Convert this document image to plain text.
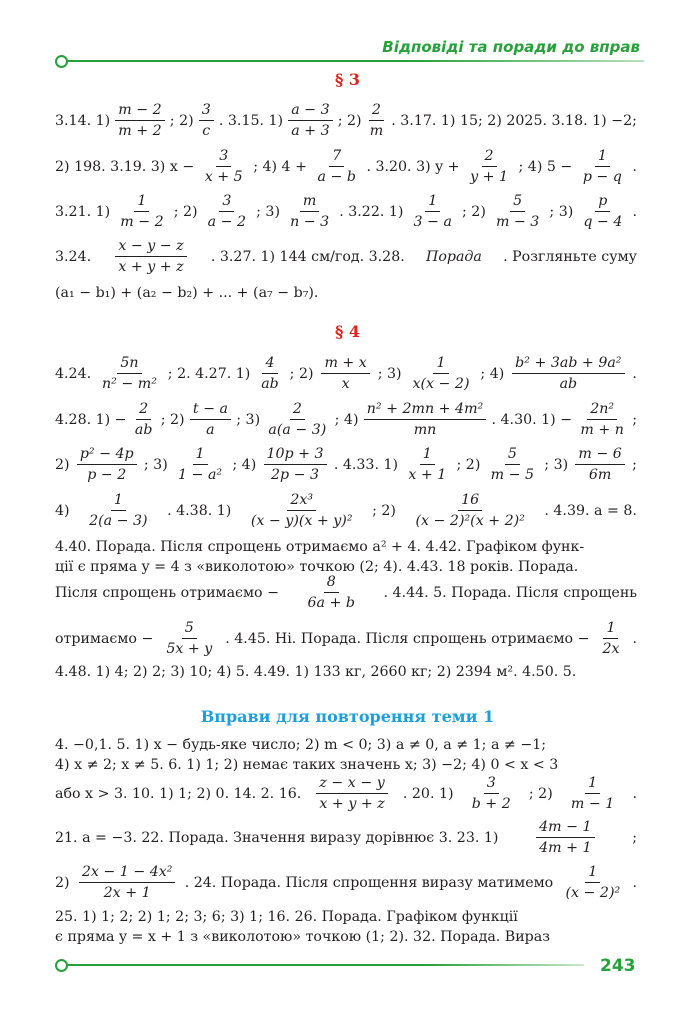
Відповіді та поради до вправ
§ 3
3.14. $1) \frac{m - 2}{m + 2}$ ; $2) \frac{3}{c}$ . 3.15. $1) \frac{a - 3}{a + 3}$ ; $2) \frac{2}{m}$ . 3.17. 1) 15; 2) 2025. 3.18. 1) −2;
2) 198. 3.19. 3) $x - \frac{3}{x + 5}$ ; 4) $4 + \frac{7}{a - b}$ . 3.20. 3) $y + \frac{2}{y + 1}$ ; 4) $5 - \frac{1}{p - q}$ .
3.21. $1) \frac{1}{m - 2}$ ; $2) \frac{3}{a - 2}$ ; $3) \frac{m}{n - 3}$ . 3.22. $1) \frac{1}{3 - a}$ ; $2) \frac{5}{m - 3}$ ; $3) \frac{p}{q - 4}$ .
3.24. $\frac{x - y - z}{x + y + z}$ . 3.27. 1) 144 см/год. 3.28. Порада . Розгляньте суму
(a₁ − b₁) + (a₂ − b₂) + ... + (a₇ − b₇).
§ 4
4.24. $\frac{5n}{\text{n² − m²}}$ ; 2. 4.27. $1) \frac{4}{ab}$ ; $2) \frac{m + x}{x}$ ; $3) \frac{1}{x(x - 2)}$ ; $4) \frac{\text{b² + 3ab + 9a²}}{ab}$ .
4.28. $1) - \frac{2}{ab}$ ; $2) \frac{t - a}{a}$ ; $3) \frac{2}{a(a - 3)}$ ; $4) \frac{\text{n² + 2mn + 4m²}}{mn}$ . 4.30. $1) - \frac{\text{2n²}}{m + n}$ ;
$2) \frac{\text{p² − 4p}}{p - 2}$ ; $3) \frac{1}{\text{1 − a²}}$ ; $4) \frac{10p + 3}{2p - 3}$ . 4.33. $1) \frac{1}{x + 1}$ ; $2) \frac{5}{m - 5}$ ; $3) \frac{m - 6}{6m}$ ;
$4) \frac{1}{2(a - 3)}$ . 4.38. $1) \frac{\text{2x³}}{\text{(x − y)(x + y)²}}$ ; $2) \frac{16}{\text{(x − 2)²(x + 2)²}}$ . 4.39. a = 8.
4.40. Порада. Після спрощень отримаємо a² + 4. 4.42. Графіком функ-
ції є пряма y = 4 з «виколотою» точкою (2; 4). 4.43. 18 років. Порада.
Після спрощень отримаємо − $\frac{8}{6a + b}$ . 4.44. 5. Порада. Після спрощень
отримаємо − $\frac{5}{5x + y}$ . 4.45. Ні. Порада. Після спрощень отримаємо − $\frac{1}{2x}$ .
4.48. 1) 4; 2) 2; 3) 10; 4) 5. 4.49. 1) 133 кг, 2660 кг; 2) 2394 м². 4.50. 5.
Вправи для повторення теми 1
4. −0,1. 5. 1) x − будь-яке число; 2) m < 0; 3) a ≠ 0, a ≠ 1; a ≠ −1;
4) x ≠ 2; x ≠ 5. 6. 1) 1; 2) немає таких значень x; 3) −2; 4) 0 < x < 3
або x > 3. 10. 1) 1; 2) 0. 14. 2. 16. $\frac{z - x - y}{x + y + z}$ . 20. $1) \frac{3}{b + 2}$ ; $2) \frac{1}{m - 1}$ .
21. a = −3. 22. Порада. Значення виразу дорівнює 3. 23. 1)	$\frac{4m - 1}{4m + 1}$	;
$2) \frac{\text{2x − 1 − 4x²}}{2x + 1}$ . 24. Порада. Після спрощення виразу матимемо $\frac{1}{\text{(x − 2)²}}$ .
25. 1) 1; 2; 2) 1; 2; 3; 6; 3) 1; 16. 26. Порада. Графіком функції
є пряма y = x + 1 з «виколотою» точкою (1; 2). 32. Порада. Вираз
243
